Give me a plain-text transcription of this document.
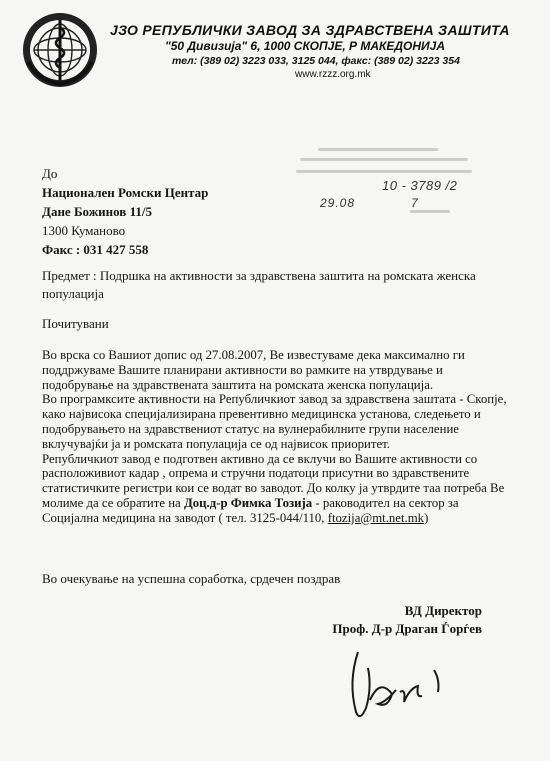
ЈЗО РЕПУБЛИЧКИ ЗАВОД ЗА ЗДРАВСТВЕНА ЗАШТИТА
"50 Дивизија" 6, 1000 СКОПЈЕ, Р МАКЕДОНИЈА
тел: (389 02) 3223 033, 3125 044, факс: (389 02) 3223 354
www.rzzz.org.mk
10 - 3789 /2
29.08	7
До
Национален Ромски Центар
Дане Божинов 11/5
1300 Куманово
Факс : 031 427 558
Предмет : Подршка на активности за здравствена заштита на ромската женска популација
Почитувани

Во врска со Вашиот допис од 27.08.2007, Ве известуваме дека максимално ги поддржуваме Вашите планирани активности во рамките на утврдување и подобрување на здравствената заштита на ромската женска популација.

Во програмксите активности на Републичкиот завод за здравствена заштата - Скопје, како највисока специјализирана превентивно медицинска установа, следењето и подобрувањето на здравствениот статус на вулнерабилните групи население вклучувајќи ја и ромската популација се од највисок приоритет.

Републичкиот завод е подготвен активно да се вклучи во Вашите активности со расположивиот кадар , опрема и стручни податоци присутни во здравствените статистичките регистри кои се водат во заводот. До колку ја утврдите таа потреба Ве молиме да се обратите на Доц.д-р Фимка Тозија - раководител на сектор за Социјална медицина на заводот ( тел. 3125-044/110, ftozija@mt.net.mk)

Во очекување на успешна соработка, срдечен поздрав
ВД Директор
Проф. Д-р Драган Ѓорѓев
